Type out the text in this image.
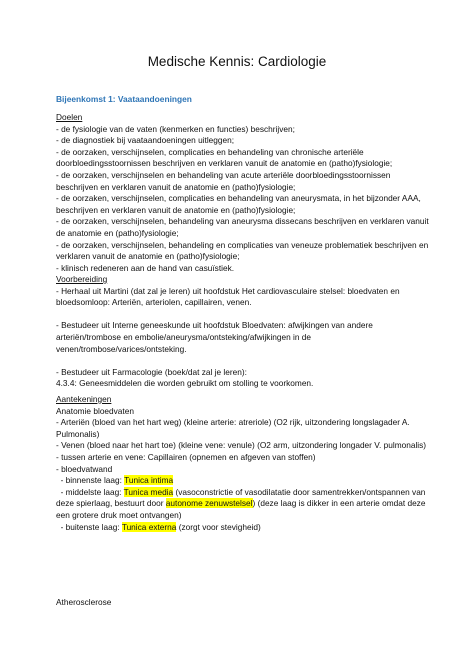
Medische Kennis: Cardiologie
Bijeenkomst 1: Vaataandoeningen
Doelen
- de fysiologie van de vaten (kenmerken en functies) beschrijven;
- de diagnostiek bij vaataandoeningen uitleggen;
- de oorzaken, verschijnselen, complicaties en behandeling van chronische arteriële
doorbloedingsstoornissen beschrijven en verklaren vanuit de anatomie en (patho)fysiologie;
- de oorzaken, verschijnselen en behandeling van acute arteriële doorbloedingsstoornissen
beschrijven en verklaren vanuit de anatomie en (patho)fysiologie;
- de oorzaken, verschijnselen, complicaties en behandeling van aneurysmata, in het bijzonder AAA,
beschrijven en verklaren vanuit de anatomie en (patho)fysiologie;
- de oorzaken, verschijnselen, behandeling van aneurysma dissecans beschrijven en verklaren vanuit
de anatomie en (patho)fysiologie;
- de oorzaken, verschijnselen, behandeling en complicaties van veneuze problematiek beschrijven en
verklaren vanuit de anatomie en (patho)fysiologie;
- klinisch redeneren aan de hand van casuïstiek.
Voorbereiding
- Herhaal uit Martini (dat zal je leren) uit hoofdstuk Het cardiovasculaire stelsel: bloedvaten en
bloedsomloop: Arteriën, arteriolen, capillairen, venen.
- Bestudeer uit Interne geneeskunde uit hoofdstuk Bloedvaten: afwijkingen van andere
arteriën/trombose en embolie/aneurysma/ontsteking/afwijkingen in de
venen/trombose/varices/ontsteking.
- Bestudeer uit Farmacologie (boek/dat zal je leren):
4.3.4: Geneesmiddelen die worden gebruikt om stolling te voorkomen.
Aantekeningen
Anatomie bloedvaten
- Arteriën (bloed van het hart weg) (kleine arterie: atreriole) (O2 rijk, uitzondering longslagader A.
Pulmonalis)
- Venen (bloed naar het hart toe) (kleine vene: venule) (O2 arm, uitzondering longader V. pulmonalis)
- tussen arterie en vene: Capillairen (opnemen en afgeven van stoffen)
- bloedvatwand
- binnenste laag: Tunica intima
- middelste laag: Tunica media (vasoconstrictie of vasodilatatie door samentrekken/ontspannen van
deze spierlaag, bestuurt door autonome zenuwstelsel) (deze laag is dikker in een arterie omdat deze
een grotere druk moet ontvangen)
- buitenste laag: Tunica externa (zorgt voor stevigheid)
Atherosclerose
